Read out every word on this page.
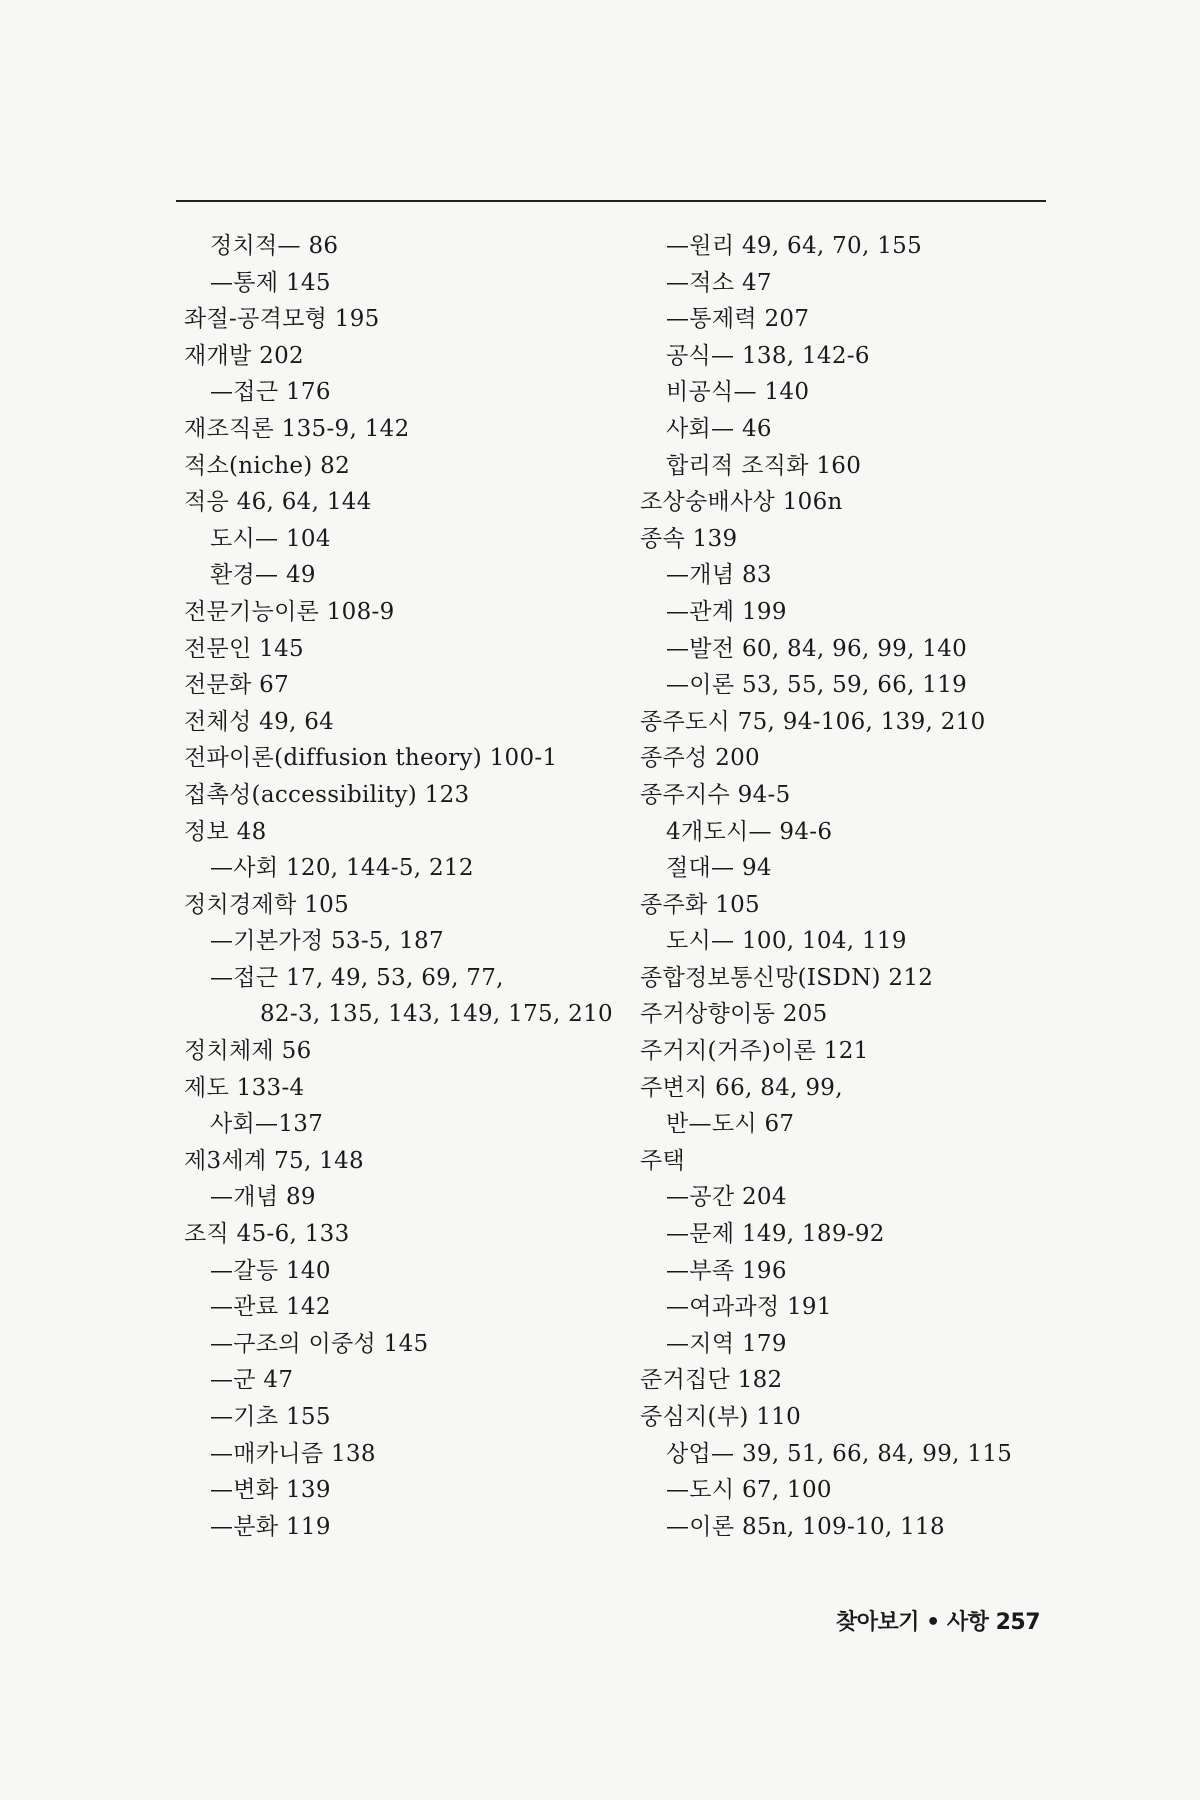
정치적— 86
—통제 145
좌절-공격모형 195
재개발 202
—접근 176
재조직론 135-9, 142
적소(niche) 82
적응 46, 64, 144
도시— 104
환경— 49
전문기능이론 108-9
전문인 145
전문화 67
전체성 49, 64
전파이론(diffusion theory) 100-1
접촉성(accessibility) 123
정보 48
—사회 120, 144-5, 212
정치경제학 105
—기본가정 53-5, 187
—접근 17, 49, 53, 69, 77,
82-3, 135, 143, 149, 175, 210
정치체제 56
제도 133-4
사회—137
제3세계 75, 148
—개념 89
조직 45-6, 133
—갈등 140
—관료 142
—구조의 이중성 145
—군 47
—기초 155
—매카니즘 138
—변화 139
—분화 119
—원리 49, 64, 70, 155
—적소 47
—통제력 207
공식— 138, 142-6
비공식— 140
사회— 46
합리적 조직화 160
조상숭배사상 106n
종속 139
—개념 83
—관계 199
—발전 60, 84, 96, 99, 140
—이론 53, 55, 59, 66, 119
종주도시 75, 94-106, 139, 210
종주성 200
종주지수 94-5
4개도시— 94-6
절대— 94
종주화 105
도시— 100, 104, 119
종합정보통신망(ISDN) 212
주거상향이동 205
주거지(거주)이론 121
주변지 66, 84, 99,
반—도시 67
주택
—공간 204
—문제 149, 189-92
—부족 196
—여과과정 191
—지역 179
준거집단 182
중심지(부) 110
상업— 39, 51, 66, 84, 99, 115
—도시 67, 100
—이론 85n, 109-10, 118
찾아보기 • 사항 257
